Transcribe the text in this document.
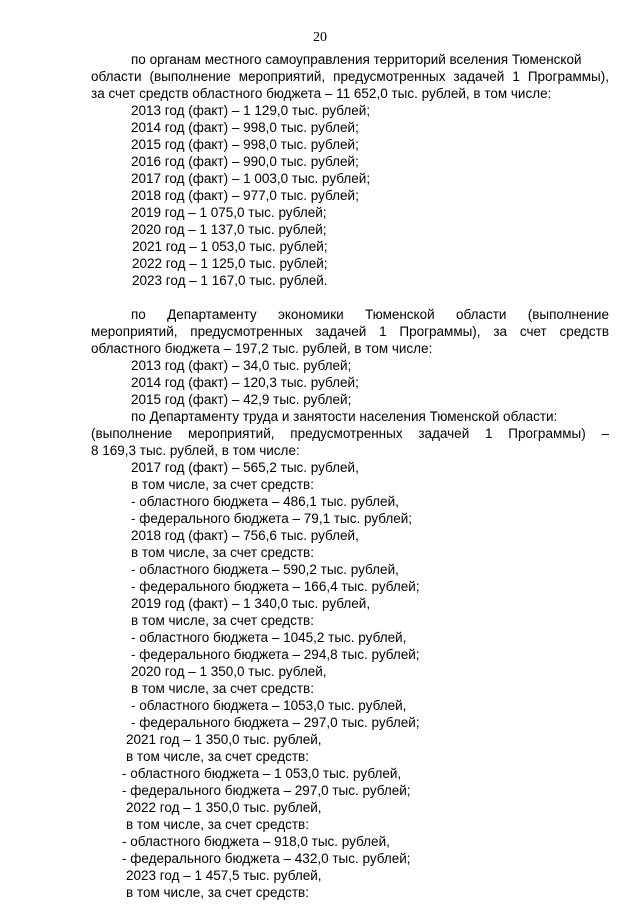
20
по органам местного самоуправления территорий вселения Тюменской
области (выполнение мероприятий, предусмотренных задачей 1 Программы),
за счет средств областного бюджета – 11 652,0 тыс. рублей, в том числе:
2013 год (факт) – 1 129,0 тыс. рублей;
2014 год (факт) – 998,0 тыс. рублей;
2015 год (факт) – 998,0 тыс. рублей;
2016 год (факт) – 990,0 тыс. рублей;
2017 год (факт) – 1 003,0 тыс. рублей;
2018 год (факт) – 977,0 тыс. рублей;
2019 год – 1 075,0 тыс. рублей;
2020 год – 1 137,0 тыс. рублей;
2021 год – 1 053,0 тыс. рублей;
2022 год – 1 125,0 тыс. рублей;
2023 год – 1 167,0 тыс. рублей.
по Департаменту экономики Тюменской области (выполнение
мероприятий, предусмотренных задачей 1 Программы), за счет средств
областного бюджета – 197,2 тыс. рублей, в том числе:
2013 год (факт) – 34,0 тыс. рублей;
2014 год (факт) – 120,3 тыс. рублей;
2015 год (факт) – 42,9 тыс. рублей;
по Департаменту труда и занятости населения Тюменской области:
(выполнение мероприятий, предусмотренных задачей 1 Программы) –
8 169,3 тыс. рублей, в том числе:
2017 год (факт) – 565,2 тыс. рублей,
в том числе, за счет средств:
- областного бюджета – 486,1 тыс. рублей,
- федерального бюджета – 79,1 тыс. рублей;
2018 год (факт) – 756,6 тыс. рублей,
в том числе, за счет средств:
- областного бюджета – 590,2 тыс. рублей,
- федерального бюджета – 166,4 тыс. рублей;
2019 год (факт) – 1 340,0 тыс. рублей,
в том числе, за счет средств:
- областного бюджета – 1045,2 тыс. рублей,
- федерального бюджета – 294,8 тыс. рублей;
2020 год – 1 350,0 тыс. рублей,
в том числе, за счет средств:
- областного бюджета – 1053,0 тыс. рублей,
- федерального бюджета – 297,0 тыс. рублей;
2021 год – 1 350,0 тыс. рублей,
в том числе, за счет средств:
- областного бюджета – 1 053,0 тыс. рублей,
- федерального бюджета – 297,0 тыс. рублей;
2022 год – 1 350,0 тыс. рублей,
в том числе, за счет средств:
- областного бюджета – 918,0 тыс. рублей,
- федерального бюджета – 432,0 тыс. рублей;
2023 год – 1 457,5 тыс. рублей,
в том числе, за счет средств:
